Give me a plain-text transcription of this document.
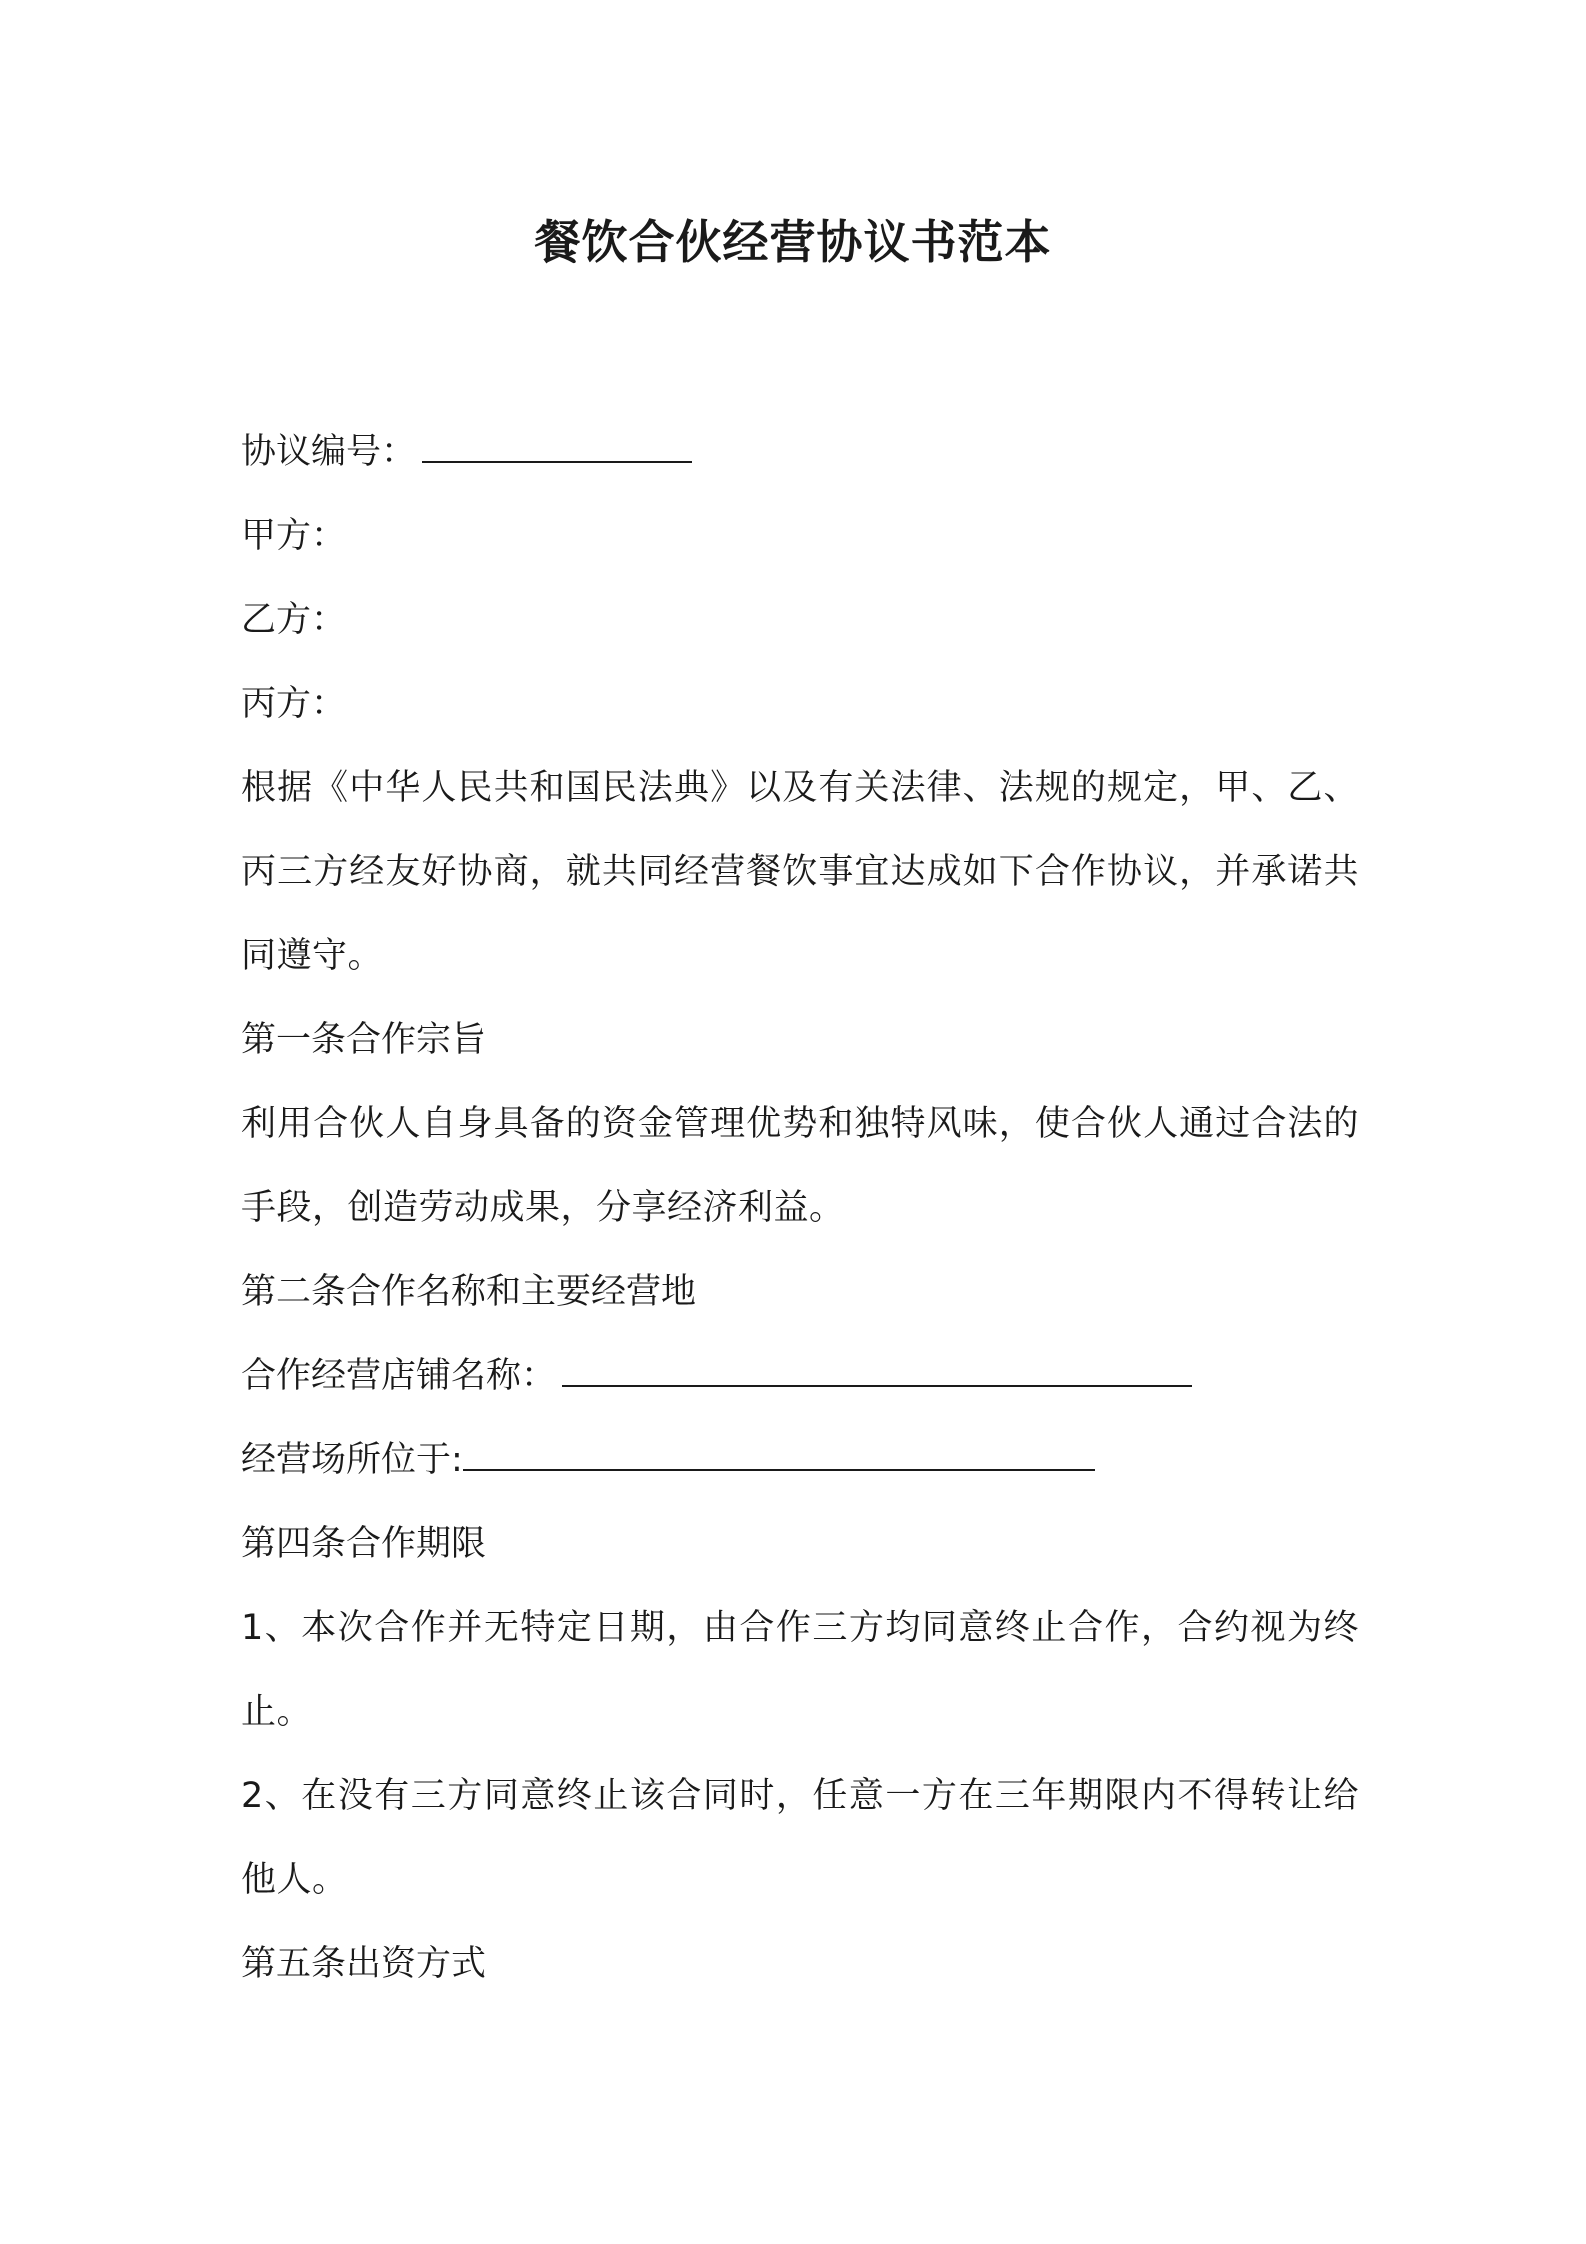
餐饮合伙经营协议书范本
协议编号：
甲方：
乙方：
丙方：
根据《中华人民共和国民法典》以及有关法律、法规的规定，甲、乙、丙三方经友好协商，就共同经营餐饮事宜达成如下合作协议，并承诺共同遵守。
第一条合作宗旨
利用合伙人自身具备的资金管理优势和独特风味，使合伙人通过合法的手段，创造劳动成果，分享经济利益。
第二条合作名称和主要经营地
合作经营店铺名称：
经营场所位于:
第四条合作期限
1、本次合作并无特定日期，由合作三方均同意终止合作，合约视为终止。
2、在没有三方同意终止该合同时，任意一方在三年期限内不得转让给他人。
第五条出资方式
